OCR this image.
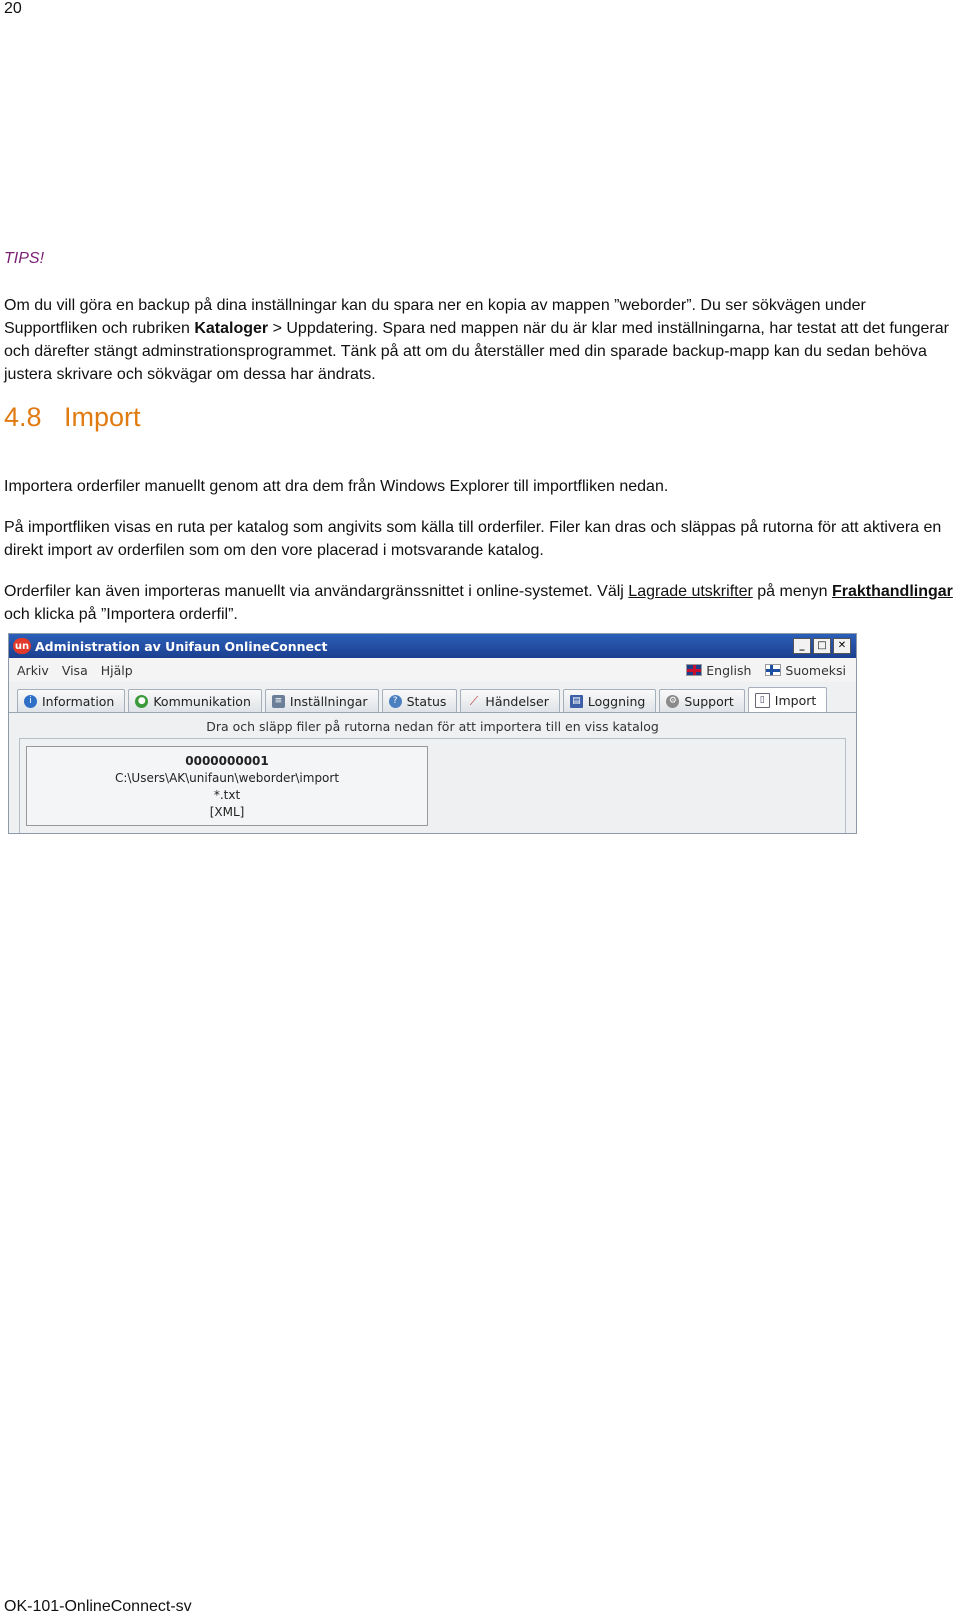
20
TIPS!
Om du vill göra en backup på dina inställningar kan du spara ner en kopia av mappen ”weborder”. Du ser sökvägen under Supportfliken och rubriken Kataloger > Uppdatering. Spara ned mappen när du är klar med inställningarna, har testat att det fungerar och därefter stängt adminstrationsprogrammet. Tänk på att om du återställer med din sparade backup-mapp kan du sedan behöva justera skrivare och sökvägar om dessa har ändrats.
4.8 Import
Importera orderfiler manuellt genom att dra dem från Windows Explorer till importfliken nedan.
På importfliken visas en ruta per katalog som angivits som källa till orderfiler. Filer kan dras och släppas på rutorna för att aktivera en direkt import av orderfilen som om den vore placerad i motsvarande katalog.
Orderfiler kan även importeras manuellt via användargränssnittet i online-systemet. Välj Lagrade utskrifter på menyn Frakthandlingar och klicka på ”Importera orderfil”.
un Administration av Unifaun OnlineConnect	_	□	✕
Arkiv Visa Hjälp	English	Suomeksi
i Information	● Kommunikation	≡ Inställningar	? Status ⟋ Händelser	▤ Loggning	⚙ Support	▯ Import
Dra och släpp filer på rutorna nedan för att importera till en viss katalog
0000000001
C:\Users\AK\unifaun\weborder\import
*.txt
[XML]
OK-101-OnlineConnect-sv
